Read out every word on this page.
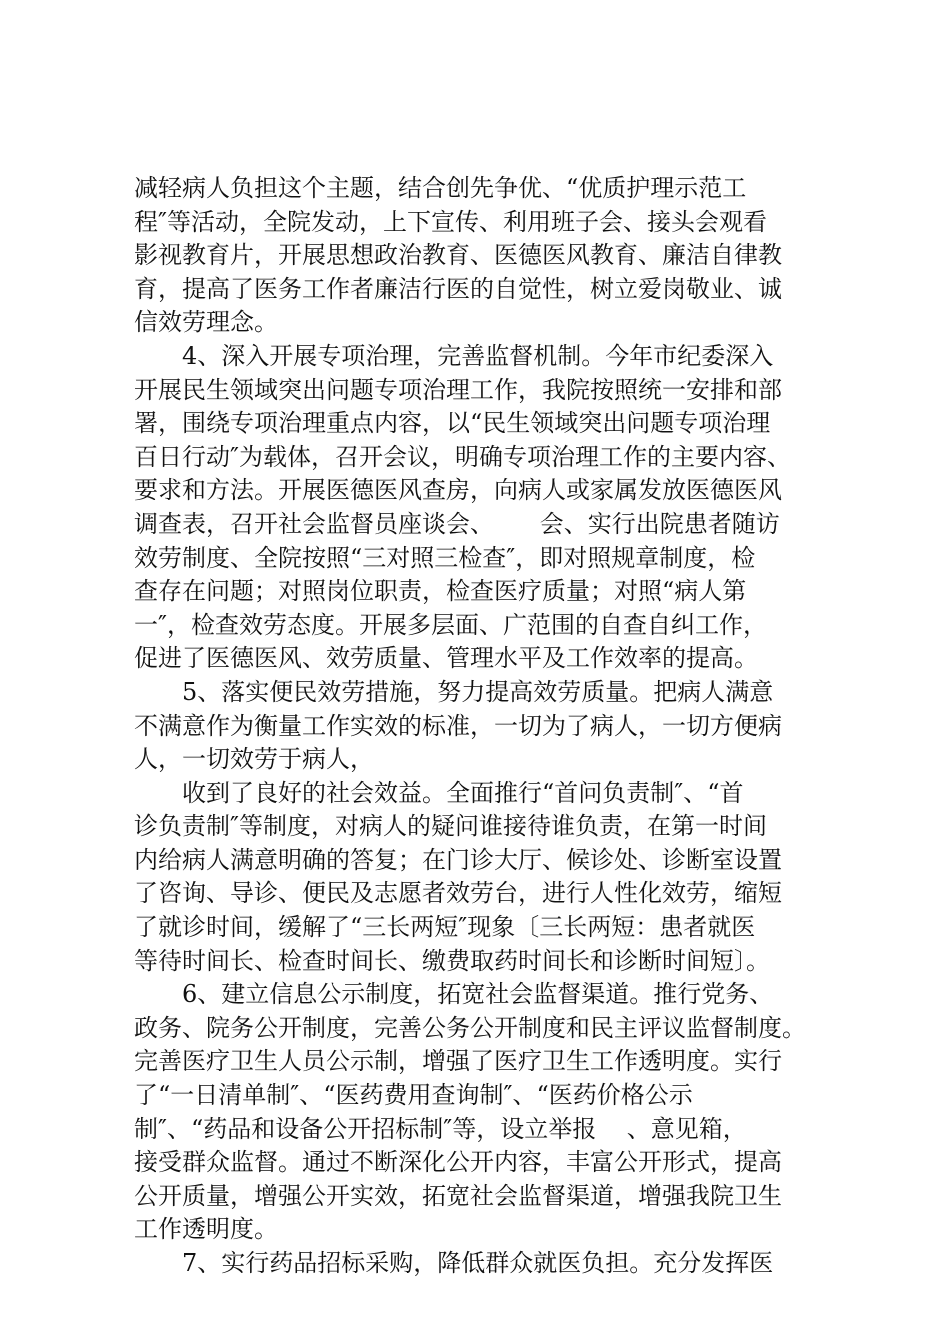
减轻病人负担这个主题，结合创先争优、“优质护理示范工
程″等活动，全院发动，上下宣传、利用班子会、接头会观看
影视教育片，开展思想政治教育、医德医风教育、廉洁自律教
育，提高了医务工作者廉洁行医的自觉性，树立爱岗敬业、诚
信效劳理念。
4、深入开展专项治理，完善监督机制。今年市纪委深入
开展民生领域突出问题专项治理工作，我院按照统一安排和部
署，围绕专项治理重点内容，以“民生领域突出问题专项治理
百日行动″为载体，召开会议，明确专项治理工作的主要内容、
要求和方法。开展医德医风查房，向病人或家属发放医德医风
调查表，召开社会监督员座谈会、      会、实行出院患者随访
效劳制度、全院按照“三对照三检查″，即对照规章制度，检
查存在问题；对照岗位职责，检查医疗质量；对照“病人第
一″，检查效劳态度。开展多层面、广范围的自查自纠工作，
促进了医德医风、效劳质量、管理水平及工作效率的提高。
5、落实便民效劳措施，努力提高效劳质量。把病人满意
不满意作为衡量工作实效的标准，一切为了病人，一切方便病
人，一切效劳于病人，
收到了良好的社会效益。全面推行“首问负责制″、“首
诊负责制″等制度，对病人的疑问谁接待谁负责，在第一时间
内给病人满意明确的答复；在门诊大厅、候诊处、诊断室设置
了咨询、导诊、便民及志愿者效劳台，进行人性化效劳，缩短
了就诊时间，缓解了“三长两短″现象〔三长两短：患者就医
等待时间长、检查时间长、缴费取药时间长和诊断时间短〕。
6、建立信息公示制度，拓宽社会监督渠道。推行党务、
政务、院务公开制度，完善公务公开制度和民主评议监督制度。
完善医疗卫生人员公示制，增强了医疗卫生工作透明度。实行
了“一日清单制″、“医药费用查询制″、“医药价格公示
制″、“药品和设备公开招标制″等，设立举报    、意见箱，
接受群众监督。通过不断深化公开内容，丰富公开形式，提高
公开质量，增强公开实效，拓宽社会监督渠道，增强我院卫生
工作透明度。
7、实行药品招标采购，降低群众就医负担。充分发挥医
